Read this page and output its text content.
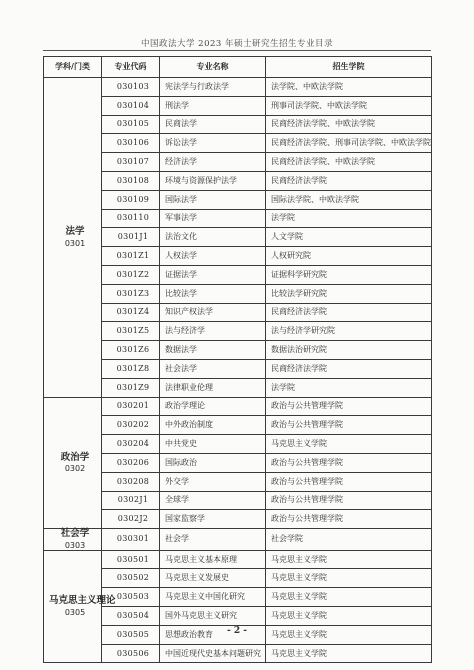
中国政法大学 2023 年硕士研究生招生专业目录
学科/门类	专业代码	专业名称	招生学院

法学
0301	030103	宪法学与行政法学	法学院、中欧法学院
	030104	刑法学	刑事司法学院、中欧法学院
	030105	民商法学	民商经济法学院、中欧法学院
	030106	诉讼法学	民商经济法学院、刑事司法学院、中欧法学院
	030107	经济法学	民商经济法学院、中欧法学院
	030108	环境与资源保护法学	民商经济法学院
	030109	国际法学	国际法学院、中欧法学院
	030110	军事法学	法学院
	0301J1	法治文化	人文学院
	0301Z1	人权法学	人权研究院
	0301Z2	证据法学	证据科学研究院
	0301Z3	比较法学	比较法学研究院
	0301Z4	知识产权法学	民商经济法学院
	0301Z5	法与经济学	法与经济学研究院
	0301Z6	数据法学	数据法治研究院
	0301Z8	社会法学	民商经济法学院
	0301Z9	法律职业伦理	法学院

政治学
0302	030201	政治学理论	政治与公共管理学院
	030202	中外政治制度	政治与公共管理学院
	030204	中共党史	马克思主义学院
	030206	国际政治	政治与公共管理学院
	030208	外交学	政治与公共管理学院
	0302J1	全球学	政治与公共管理学院
	0302J2	国家监察学	政治与公共管理学院

社会学
0303	030301	社会学	社会学院

马克思主义理论
0305	030501	马克思主义基本原理	马克思主义学院
	030502	马克思主义发展史	马克思主义学院
	030503	马克思主义中国化研究	马克思主义学院
	030504	国外马克思主义研究	马克思主义学院
	030505	思想政治教育	马克思主义学院
	030506	中国近现代史基本问题研究	马克思主义学院
- 2 -
